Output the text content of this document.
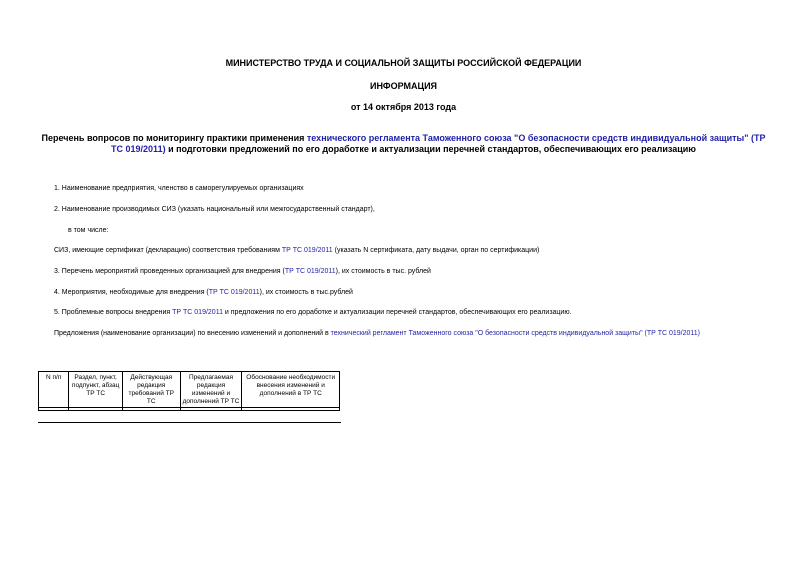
МИНИСТЕРСТВО ТРУДА И СОЦИАЛЬНОЙ ЗАЩИТЫ РОССИЙСКОЙ ФЕДЕРАЦИИ
ИНФОРМАЦИЯ
от 14 октября 2013 года
Перечень вопросов по мониторингу практики применения технического регламента Таможенного союза "О безопасности средств индивидуальной защиты" (ТР ТС 019/2011) и подготовки предложений по его доработке и актуализации перечней стандартов, обеспечивающих его реализацию
1. Наименование предприятия, членство в саморегулируемых организациях
2. Наименование производимых СИЗ (указать национальный или межгосударственный стандарт),
в том числе:
СИЗ, имеющие сертификат (декларацию) соответствия требованиям ТР ТС 019/2011 (указать N сертификата, дату выдачи, орган по сертификации)
3. Перечень мероприятий проведенных организацией для внедрения (ТР ТС 019/2011), их стоимость в тыс. рублей
4. Мероприятия, необходимые для внедрения (ТР ТС 019/2011), их стоимость в тыс.рублей
5. Проблемные вопросы внедрения ТР ТС 019/2011 и предложения по его доработке и актуализации перечней стандартов, обеспечивающих его реализацию.
Предложения (наименование организации) по внесению изменений и дополнений в технический регламент Таможенного союза "О безопасности средств индивидуальной защиты" (ТР ТС 019/2011)
N п/п	Раздел, пункт, подпункт, абзац ТР ТС	Действующая редакция требований ТР ТС	Предлагаемая редакция изменений и дополнений ТР ТС	Обоснование необходимости внесения изменений и дополнений в ТР ТС
